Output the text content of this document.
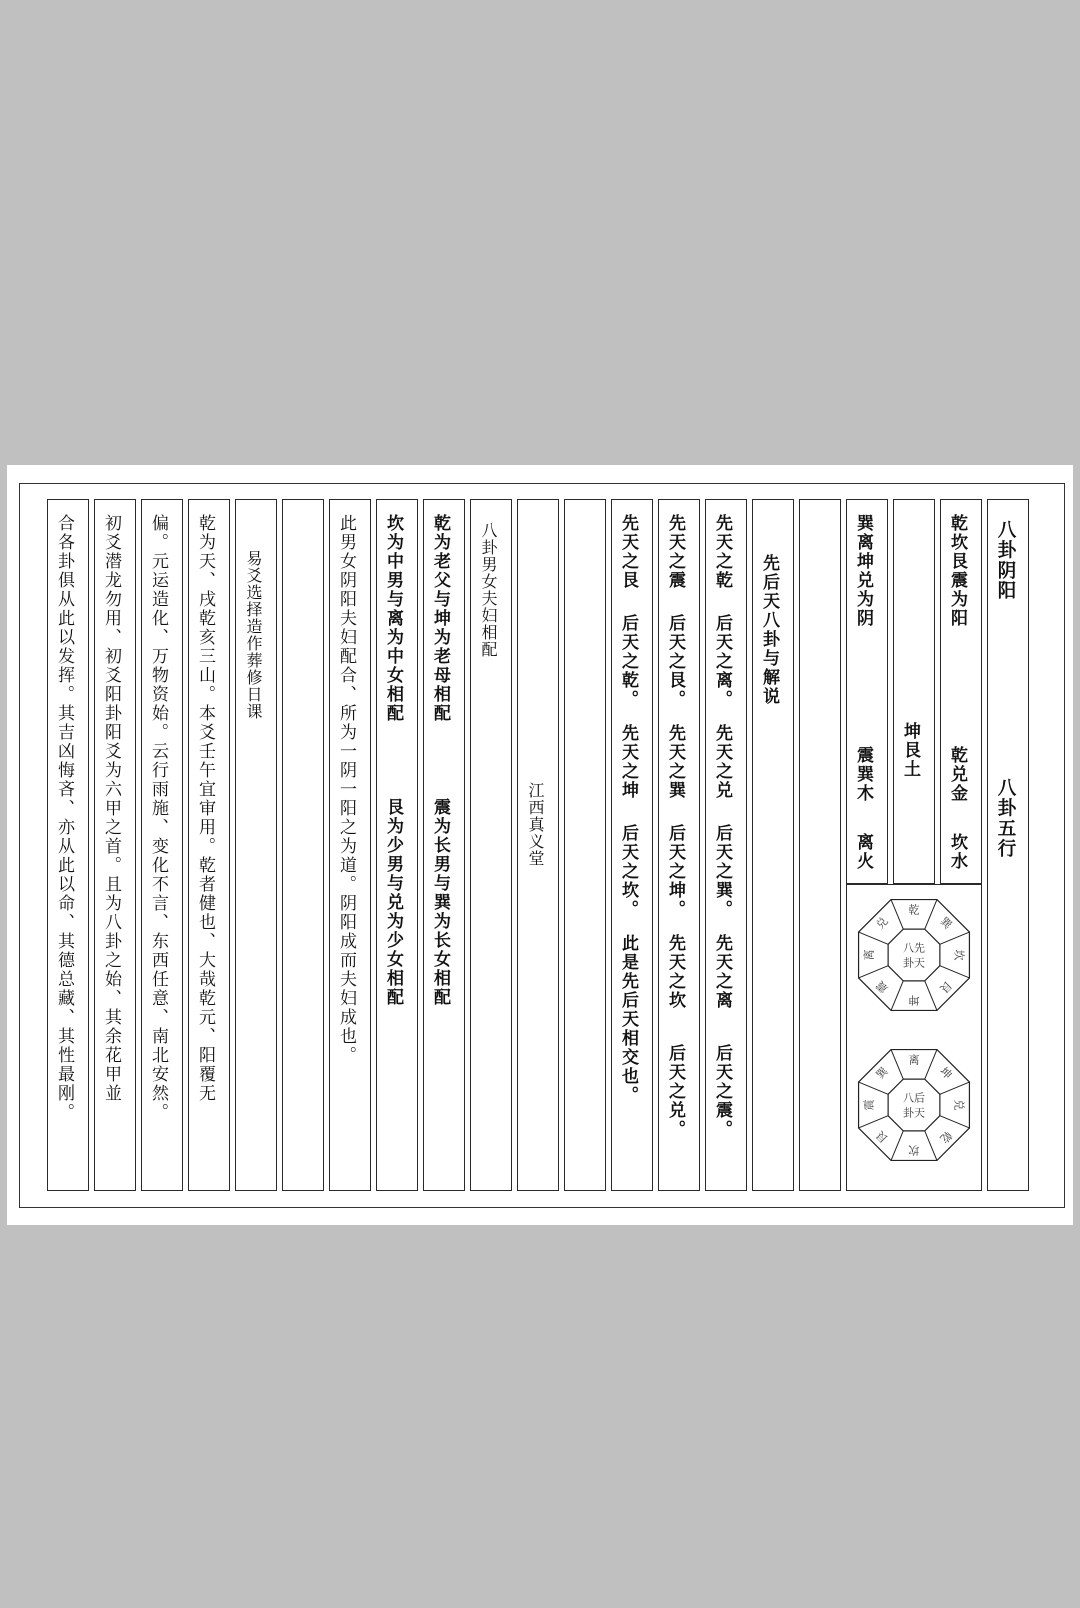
合各卦俱从此以发挥。其吉凶悔吝、亦从此以命、其德总藏、其性最刚。 初爻潜龙勿用、初爻阳卦阳爻为六甲之首。且为八卦之始、其余花甲並 偏。元运造化、万物资始。云行雨施、变化不言、东西任意、南北安然。 乾为天、戌乾亥三山。本爻壬午宜审用。乾者健也、大哉乾元、阳覆无 易爻选择造作葬修日课	此男女阴阳夫妇配合、所为一阴一阳之为道。阴阳成而夫妇成也。 坎为中男与离为中女相配
艮为少男与兑为少女相配
乾为老父与坤为老母相配
震为长男与巽为长女相配
八卦男女夫妇相配
江西真义堂
先天之艮
后天之乾。
先天之坤
后天之坎。
此是先后天相交也。
先天之震
后天之艮。
先天之巽
后天之坤。
先天之坎
后天之兑。
先天之乾
后天之离。
先天之兑
后天之巽。
先天之离
后天之震。
先后天八卦与解说	巽离坤兑为阴
震巽木
离火
坤艮土
乾坎艮震为阳
乾兑金
坎水
乾
巽
坎
艮
坤
震
离
兑
八先
卦天
离
坤
兑
乾
坎
艮
震
巽
八后
卦天
八卦阴阳
八卦五行
